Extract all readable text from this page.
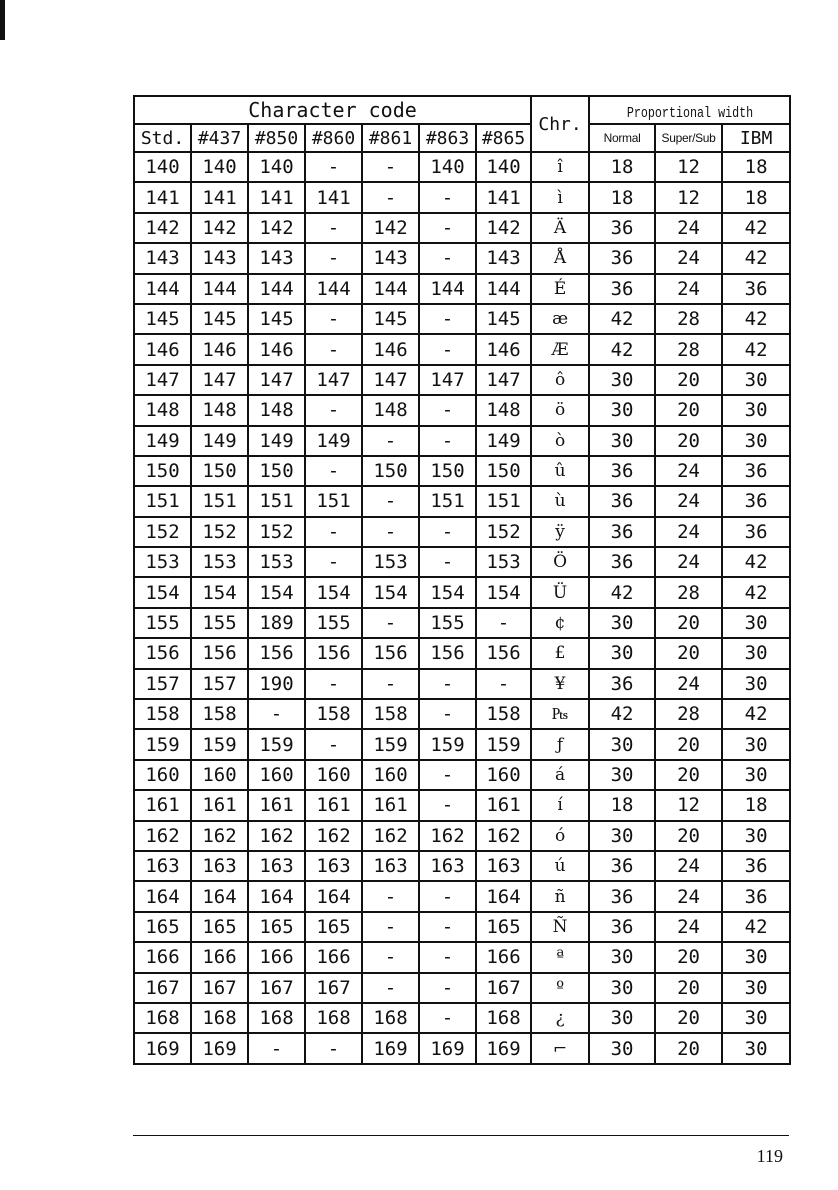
Character code							Chr.	Proportional width		
Std.	#437	#850	#860	#861	#863	#865		Normal	Super/Sub	IBM
140	140	140	-	-	140	140	î	18	12	18
141	141	141	141	-	-	141	ì	18	12	18
142	142	142	-	142	-	142	Ä	36	24	42
143	143	143	-	143	-	143	Å	36	24	42
144	144	144	144	144	144	144	É	36	24	36
145	145	145	-	145	-	145	æ	42	28	42
146	146	146	-	146	-	146	Æ	42	28	42
147	147	147	147	147	147	147	ô	30	20	30
148	148	148	-	148	-	148	ö	30	20	30
149	149	149	149	-	-	149	ò	30	20	30
150	150	150	-	150	150	150	û	36	24	36
151	151	151	151	-	151	151	ù	36	24	36
152	152	152	-	-	-	152	ÿ	36	24	36
153	153	153	-	153	-	153	Ö	36	24	42
154	154	154	154	154	154	154	Ü	42	28	42
155	155	189	155	-	155	-	¢	30	20	30
156	156	156	156	156	156	156	£	30	20	30
157	157	190	-	-	-	-	¥	36	24	30
158	158	-	158	158	-	158	₧	42	28	42
159	159	159	-	159	159	159	ƒ	30	20	30
160	160	160	160	160	-	160	á	30	20	30
161	161	161	161	161	-	161	í	18	12	18
162	162	162	162	162	162	162	ó	30	20	30
163	163	163	163	163	163	163	ú	36	24	36
164	164	164	164	-	-	164	ñ	36	24	36
165	165	165	165	-	-	165	Ñ	36	24	42
166	166	166	166	-	-	166	ª	30	20	30
167	167	167	167	-	-	167	º	30	20	30
168	168	168	168	168	-	168	¿	30	20	30
169	169	-	-	169	169	169	⌐	30	20	30
119
